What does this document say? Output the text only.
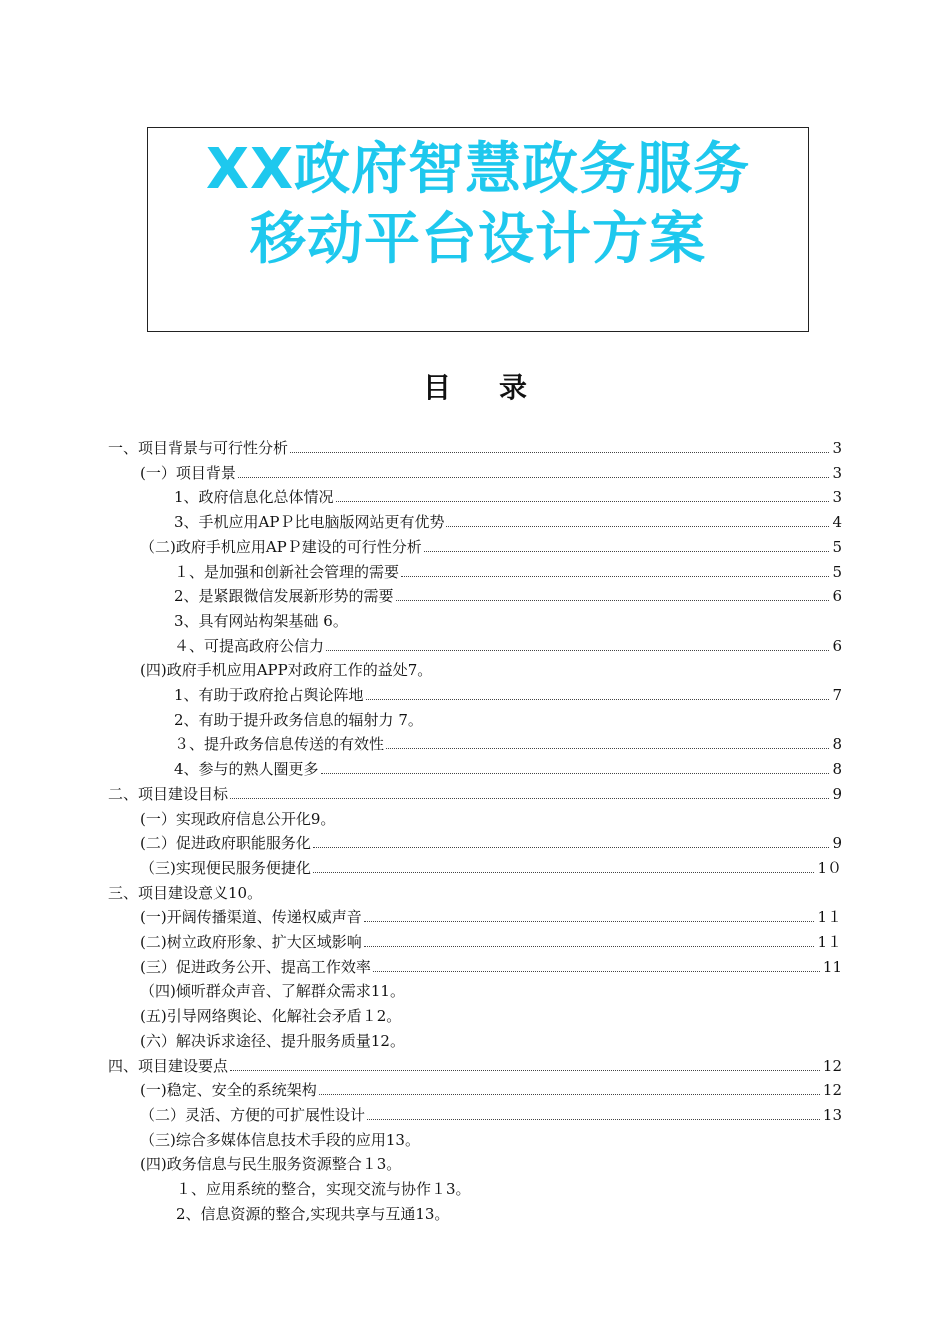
XX政府智慧政务服务
移动平台设计方案
目录
一、项目背景与可行性分析	3
(一）项目背景	3
1、政府信息化总体情况	3
3、手机应用APＰ比电脑版网站更有优势	4
（二)政府手机应用APＰ建设的可行性分析	5
１、是加强和创新社会管理的需要	5
2、是紧跟微信发展新形势的需要	6
3、具有网站构架基础 6。
４、可提高政府公信力	6
(四)政府手机应用APP对政府工作的益处7。
1、有助于政府抢占舆论阵地	7
2、有助于提升政务信息的辐射力 7。
３、提升政务信息传送的有效性	8
4、参与的熟人圈更多	8
二、项目建设目标	9
(一）实现政府信息公开化9。
(二）促进政府职能服务化	9
（三)实现便民服务便捷化	1０
三、项目建设意义10。
(一)开阔传播渠道、传递权威声音	1１
(二)树立政府形象、扩大区域影响	1１
(三）促进政务公开、提高工作效率	11
（四)倾听群众声音、了解群众需求11。
(五)引导网络舆论、化解社会矛盾１2。
(六）解决诉求途径、提升服务质量12。
四、项目建设要点	12
(一)稳定、安全的系统架构	12
（二）灵活、方便的可扩展性设计	13
（三)综合多媒体信息技术手段的应用13。
(四)政务信息与民生服务资源整合１3。
１、应用系统的整合，实现交流与协作１3。
2、信息资源的整合,实现共享与互通13。
